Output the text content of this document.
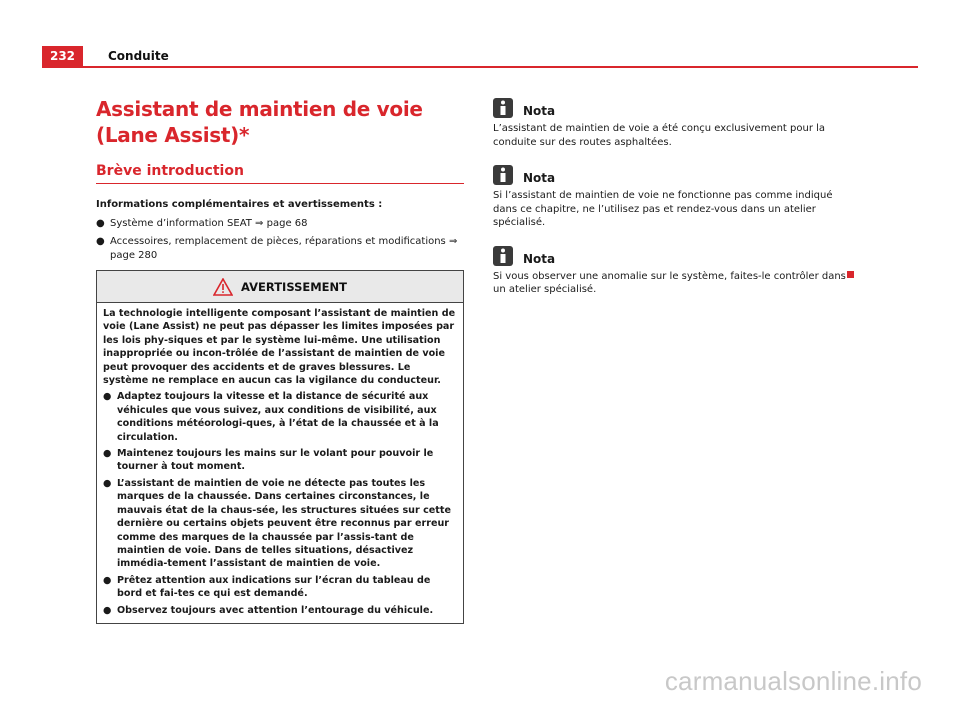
232	Conduite
Assistant de maintien de voie (Lane Assist)*
Brève introduction
Informations complémentaires et avertissements :
● Système d’information SEAT ⇒ page 68
● Accessoires, remplacement de pièces, réparations et modifications ⇒ page 280
AVERTISSEMENT

La technologie intelligente composant l’assistant de maintien de voie (Lane Assist) ne peut pas dépasser les limites imposées par les lois phy-siques et par le système lui-même. Une utilisation inappropriée ou incon-trôlée de l’assistant de maintien de voie peut provoquer des accidents et de graves blessures. Le système ne remplace en aucun cas la vigilance du conducteur.

● Adaptez toujours la vitesse et la distance de sécurité aux véhicules que vous suivez, aux conditions de visibilité, aux conditions météorologi-ques, à l’état de la chaussée et à la circulation.
● Maintenez toujours les mains sur le volant pour pouvoir le tourner à tout moment.
● L’assistant de maintien de voie ne détecte pas toutes les marques de la chaussée. Dans certaines circonstances, le mauvais état de la chaus-sée, les structures situées sur cette dernière ou certains objets peuvent être reconnus par erreur comme des marques de la chaussée par l’assis-tant de maintien de voie. Dans de telles situations, désactivez immédia-tement l’assistant de maintien de voie.
● Prêtez attention aux indications sur l’écran du tableau de bord et fai-tes ce qui est demandé.
● Observez toujours avec attention l’entourage du véhicule.
Nota
L’assistant de maintien de voie a été conçu exclusivement pour la conduite sur des routes asphaltées.
Nota
Si l’assistant de maintien de voie ne fonctionne pas comme indiqué dans ce chapitre, ne l’utilisez pas et rendez-vous dans un atelier spécialisé.
Nota
Si vous observer une anomalie sur le système, faites-le contrôler dans un atelier spécialisé.
carmanualsonline.info
